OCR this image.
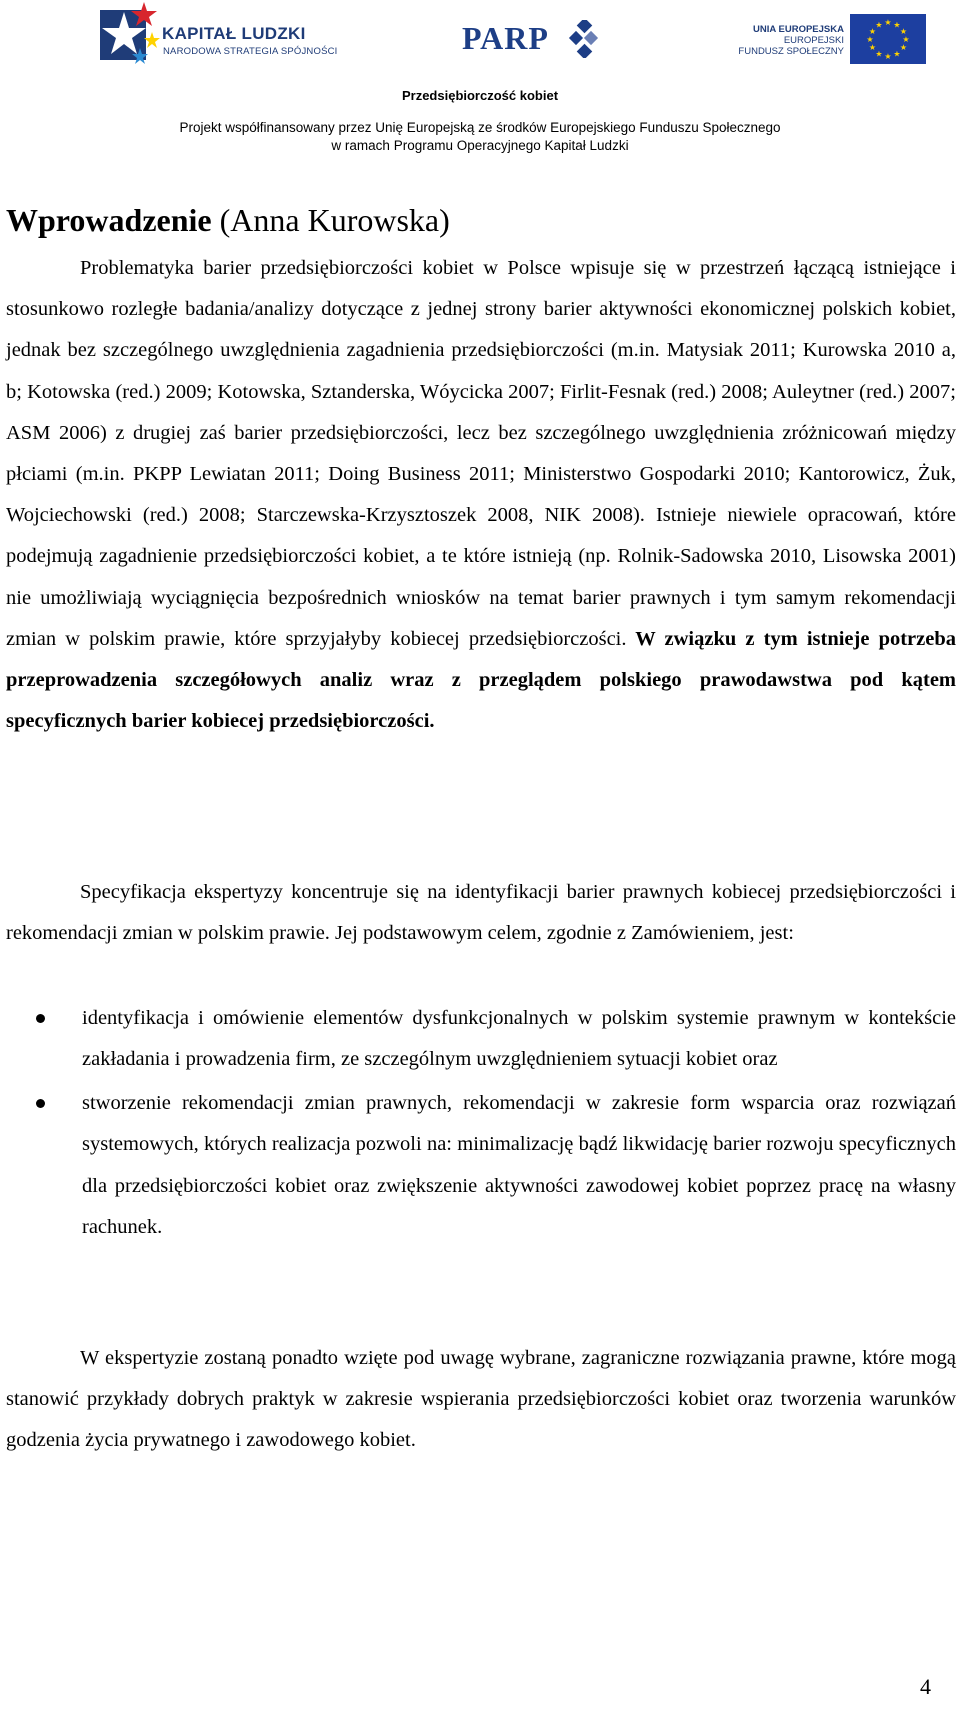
KAPITAŁ LUDZKI
NARODOWA STRATEGIA SPÓJNOŚCI	PARP	UNIA EUROPEJSKA
EUROPEJSKI
FUNDUSZ SPOŁECZNY
★ ★
★
★
★
★
★
★
★
★
★
★
Przedsiębiorczość kobiet
Projekt współfinansowany przez Unię Europejską ze środków Europejskiego Funduszu Społecznego
w ramach Programu Operacyjnego Kapitał Ludzki
Wprowadzenie (Anna Kurowska)

Problematyka barier przedsiębiorczości kobiet w Polsce wpisuje się w przestrzeń łączącą istniejące i stosunkowo rozległe badania/analizy dotyczące z jednej strony barier aktywności ekonomicznej polskich kobiet, jednak bez szczególnego uwzględnienia zagadnienia przedsiębiorczości (m.in. Matysiak 2011; Kurowska 2010 a, b; Kotowska (red.) 2009; Kotowska, Sztanderska, Wóycicka 2007; Firlit-Fesnak (red.) 2008; Auleytner (red.) 2007; ASM 2006) z drugiej zaś barier przedsiębiorczości, lecz bez szczególnego uwzględnienia zróżnicowań między płciami (m.in. PKPP Lewiatan 2011; Doing Business 2011; Ministerstwo Gospodarki 2010; Kantorowicz, Żuk, Wojciechowski (red.) 2008; Starczewska-Krzysztoszek 2008, NIK 2008). Istnieje niewiele opracowań, które podejmują zagadnienie przedsiębiorczości kobiet, a te które istnieją (np. Rolnik-Sadowska 2010, Lisowska 2001) nie umożliwiają wyciągnięcia bezpośrednich wniosków na temat barier prawnych i tym samym rekomendacji zmian w polskim prawie, które sprzyjałyby kobiecej przedsiębiorczości. W związku z tym istnieje potrzeba przeprowadzenia szczegółowych analiz wraz z przeglądem polskiego prawodawstwa pod kątem specyficznych barier kobiecej przedsiębiorczości.

Specyfikacja ekspertyzy koncentruje się na identyfikacji barier prawnych kobiecej przedsiębiorczości i rekomendacji zmian w polskim prawie. Jej podstawowym celem, zgodnie z Zamówieniem, jest:

identyfikacja i omówienie elementów dysfunkcjonalnych w polskim systemie prawnym w kontekście zakładania i prowadzenia firm, ze szczególnym uwzględnieniem sytuacji kobiet oraz
stworzenie rekomendacji zmian prawnych, rekomendacji w zakresie form wsparcia oraz rozwiązań systemowych, których realizacja pozwoli na: minimalizację bądź likwidację barier rozwoju specyficznych dla przedsiębiorczości kobiet oraz zwiększenie aktywności zawodowej kobiet poprzez pracę na własny rachunek.

W ekspertyzie zostaną ponadto wzięte pod uwagę wybrane, zagraniczne rozwiązania prawne, które mogą stanowić przykłady dobrych praktyk w zakresie wspierania przedsiębiorczości kobiet oraz tworzenia warunków godzenia życia prywatnego i zawodowego kobiet.

4
